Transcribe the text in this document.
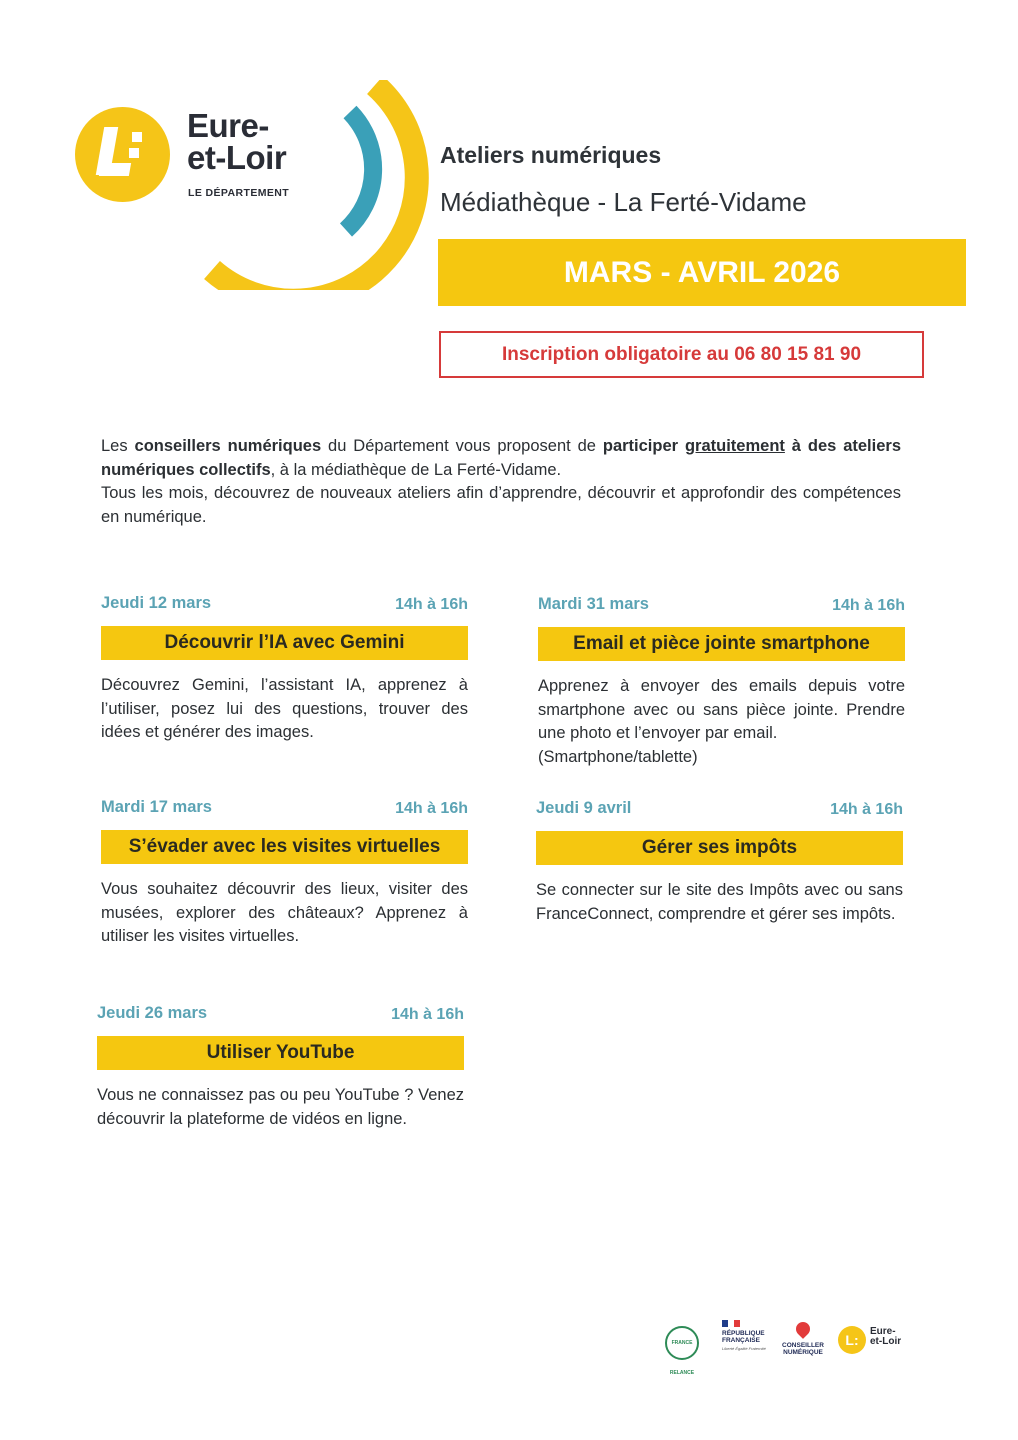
Eure-
et-Loir
LE DÉPARTEMENT
Ateliers numériques
Médiathèque - La Ferté-Vidame
MARS - AVRIL 2026
Inscription obligatoire au 06 80 15 81 90

Les conseillers numériques du Département vous proposent de participer gratuitement à des ateliers numériques collectifs, à la médiathèque de La Ferté-Vidame.

Tous les mois, découvrez de nouveaux ateliers afin d’apprendre, découvrir et approfondir des compétences en numérique.

Jeudi 12 mars	14h à 16h
Découvrir l’IA avec Gemini
Découvrez Gemini, l’assistant IA, apprenez à l’utiliser, posez lui des questions, trouver des idées et générer des images.
Mardi 31 mars	14h à 16h
Email et pièce jointe smartphone
Apprenez à envoyer des emails depuis votre smartphone avec ou sans pièce jointe. Prendre une photo et l’envoyer par email.
(Smartphone/tablette)
Mardi 17 mars	14h à 16h
S’évader avec les visites virtuelles
Vous souhaitez découvrir des lieux, visiter des musées, explorer des châteaux? Apprenez à utiliser les visites virtuelles.
Jeudi 9 avril	14h à 16h
Gérer ses impôts
Se connecter sur le site des Impôts avec ou sans FranceConnect, comprendre et gérer ses impôts.
Jeudi 26 mars	14h à 16h
Utiliser YouTube
Vous ne connaissez pas ou peu YouTube ? Venez découvrir la plateforme de vidéos en ligne.
FRANCE RELANCE
RÉPUBLIQUE
FRANÇAISE
Liberté Égalité Fraternité	CONSEILLER
NUMÉRIQUE
L:
Eure-
et-Loir
